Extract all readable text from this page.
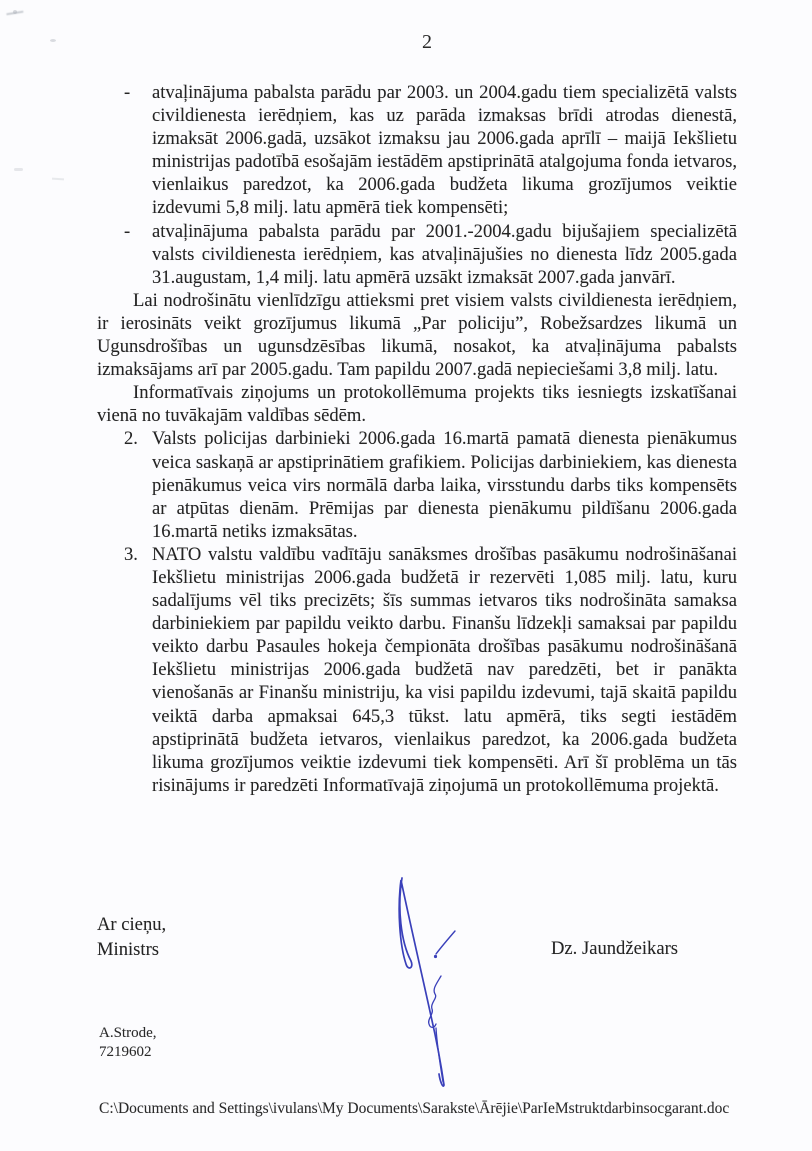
2
- atvaļinājuma pabalsta parādu par 2003. un 2004.gadu tiem specializētā valsts civildienesta ierēdņiem, kas uz parāda izmaksas brīdi atrodas dienestā, izmaksāt 2006.gadā, uzsākot izmaksu jau 2006.gada aprīlī – maijā Iekšlietu ministrijas padotībā esošajām iestādēm apstiprinātā atalgojuma fonda ietvaros, vienlaikus paredzot, ka 2006.gada budžeta likuma grozījumos veiktie izdevumi 5,8 milj. latu apmērā tiek kompensēti;
- atvaļinājuma pabalsta parādu par 2001.-2004.gadu bijušajiem specializētā valsts civildienesta ierēdņiem, kas atvaļinājušies no dienesta līdz 2005.gada 31.augustam, 1,4 milj. latu apmērā uzsākt izmaksāt 2007.gada janvārī.
Lai nodrošinātu vienlīdzīgu attieksmi pret visiem valsts civildienesta ierēdņiem, ir ierosināts veikt grozījumus likumā „Par policiju”, Robežsardzes likumā un Ugunsdrošības un ugunsdzēsības likumā, nosakot, ka atvaļinājuma pabalsts izmaksājams arī par 2005.gadu. Tam papildu 2007.gadā nepieciešami 3,8 milj. latu.
Informatīvais ziņojums un protokollēmuma projekts tiks iesniegts izskatīšanai vienā no tuvākajām valdības sēdēm.
2. Valsts policijas darbinieki 2006.gada 16.martā pamatā dienesta pienākumus veica saskaņā ar apstiprinātiem grafikiem. Policijas darbiniekiem, kas dienesta pienākumus veica virs normālā darba laika, virsstundu darbs tiks kompensēts ar atpūtas dienām. Prēmijas par dienesta pienākumu pildīšanu 2006.gada 16.martā netiks izmaksātas.
3. NATO valstu valdību vadītāju sanāksmes drošības pasākumu nodrošināšanai Iekšlietu ministrijas 2006.gada budžetā ir rezervēti 1,085 milj. latu, kuru sadalījums vēl tiks precizēts; šīs summas ietvaros tiks nodrošināta samaksa darbiniekiem par papildu veikto darbu. Finanšu līdzekļi samaksai par papildu veikto darbu Pasaules hokeja čempionāta drošības pasākumu nodrošināšanā Iekšlietu ministrijas 2006.gada budžetā nav paredzēti, bet ir panākta vienošanās ar Finanšu ministriju, ka visi papildu izdevumi, tajā skaitā papildu veiktā darba apmaksai 645,3 tūkst. latu apmērā, tiks segti iestādēm apstiprinātā budžeta ietvaros, vienlaikus paredzot, ka 2006.gada budžeta likuma grozījumos veiktie izdevumi tiek kompensēti. Arī šī problēma un tās risinājums ir paredzēti Informatīvajā ziņojumā un protokollēmuma projektā.
Ar cieņu,
Ministrs	Dz. Jaundžeikars
A.Strode,
7219602
C:\Documents and Settings\ivulans\My Documents\Sarakste\Ārējie\ParIeMstruktdarbinsocgarant.doc
